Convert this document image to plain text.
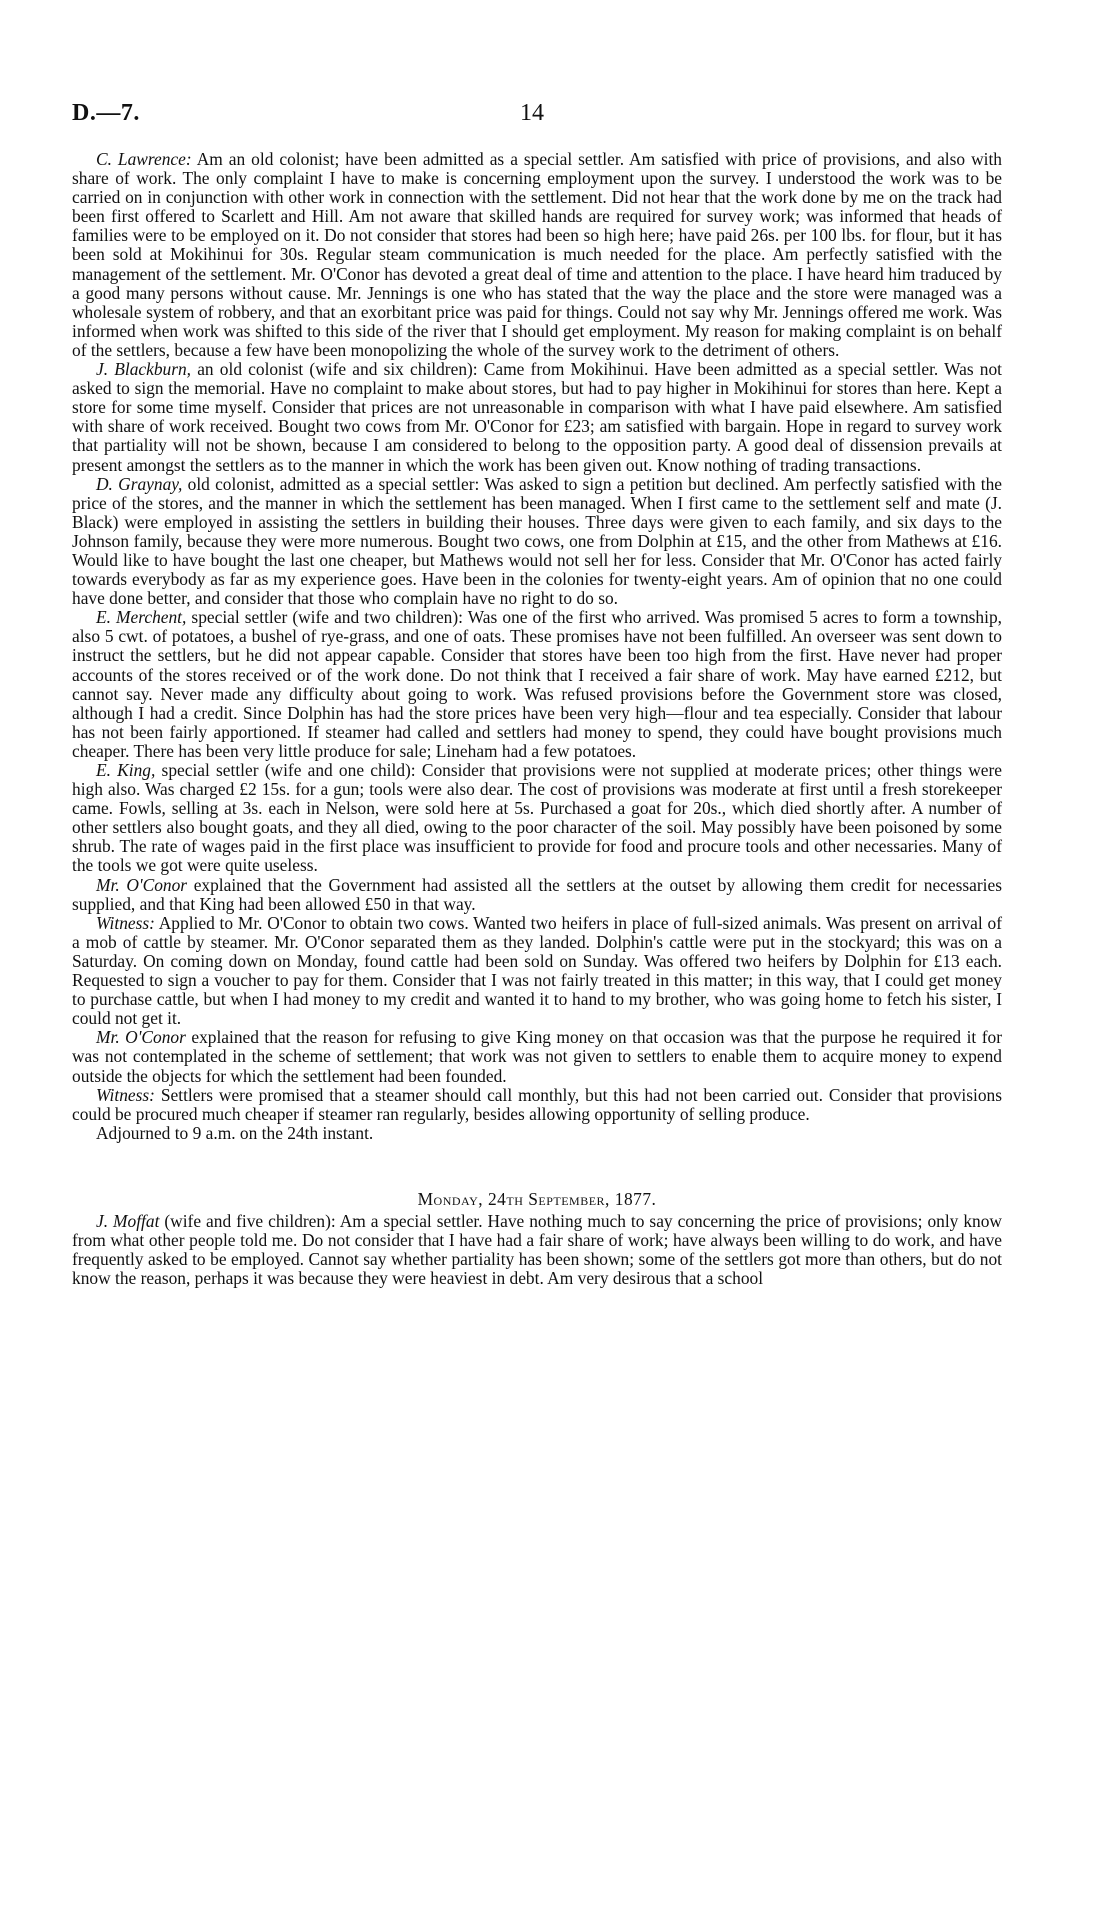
D.—7.	14

C. Lawrence: Am an old colonist; have been admitted as a special settler. Am satisfied with price of provisions, and also with share of work. The only complaint I have to make is concerning employment upon the survey. I understood the work was to be carried on in conjunction with other work in connection with the settlement. Did not hear that the work done by me on the track had been first offered to Scarlett and Hill. Am not aware that skilled hands are required for survey work; was informed that heads of families were to be employed on it. Do not consider that stores had been so high here; have paid 26s. per 100 lbs. for flour, but it has been sold at Mokihinui for 30s. Regular steam communication is much needed for the place. Am perfectly satisfied with the management of the settlement. Mr. O'Conor has devoted a great deal of time and attention to the place. I have heard him traduced by a good many persons without cause. Mr. Jennings is one who has stated that the way the place and the store were managed was a wholesale system of robbery, and that an exorbitant price was paid for things. Could not say why Mr. Jennings offered me work. Was informed when work was shifted to this side of the river that I should get employment. My reason for making complaint is on behalf of the settlers, because a few have been monopolizing the whole of the survey work to the detriment of others.

J. Blackburn, an old colonist (wife and six children): Came from Mokihinui. Have been admitted as a special settler. Was not asked to sign the memorial. Have no complaint to make about stores, but had to pay higher in Mokihinui for stores than here. Kept a store for some time myself. Consider that prices are not unreasonable in comparison with what I have paid elsewhere. Am satisfied with share of work received. Bought two cows from Mr. O'Conor for £23; am satisfied with bargain. Hope in regard to survey work that partiality will not be shown, because I am considered to belong to the opposition party. A good deal of dissension prevails at present amongst the settlers as to the manner in which the work has been given out. Know nothing of trading transactions.

D. Graynay, old colonist, admitted as a special settler: Was asked to sign a petition but declined. Am perfectly satisfied with the price of the stores, and the manner in which the settlement has been managed. When I first came to the settlement self and mate (J. Black) were employed in assisting the settlers in building their houses. Three days were given to each family, and six days to the Johnson family, because they were more numerous. Bought two cows, one from Dolphin at £15, and the other from Mathews at £16. Would like to have bought the last one cheaper, but Mathews would not sell her for less. Consider that Mr. O'Conor has acted fairly towards everybody as far as my experience goes. Have been in the colonies for twenty-eight years. Am of opinion that no one could have done better, and consider that those who complain have no right to do so.

E. Merchent, special settler (wife and two children): Was one of the first who arrived. Was promised 5 acres to form a township, also 5 cwt. of potatoes, a bushel of rye-grass, and one of oats. These promises have not been fulfilled. An overseer was sent down to instruct the settlers, but he did not appear capable. Consider that stores have been too high from the first. Have never had proper accounts of the stores received or of the work done. Do not think that I received a fair share of work. May have earned £212, but cannot say. Never made any difficulty about going to work. Was refused provisions before the Government store was closed, although I had a credit. Since Dolphin has had the store prices have been very high—flour and tea especially. Consider that labour has not been fairly apportioned. If steamer had called and settlers had money to spend, they could have bought provisions much cheaper. There has been very little produce for sale; Lineham had a few potatoes.

E. King, special settler (wife and one child): Consider that provisions were not supplied at moderate prices; other things were high also. Was charged £2 15s. for a gun; tools were also dear. The cost of provisions was moderate at first until a fresh storekeeper came. Fowls, selling at 3s. each in Nelson, were sold here at 5s. Purchased a goat for 20s., which died shortly after. A number of other settlers also bought goats, and they all died, owing to the poor character of the soil. May possibly have been poisoned by some shrub. The rate of wages paid in the first place was insufficient to provide for food and procure tools and other necessaries. Many of the tools we got were quite useless.

Mr. O'Conor explained that the Government had assisted all the settlers at the outset by allowing them credit for necessaries supplied, and that King had been allowed £50 in that way.

Witness: Applied to Mr. O'Conor to obtain two cows. Wanted two heifers in place of full-sized animals. Was present on arrival of a mob of cattle by steamer. Mr. O'Conor separated them as they landed. Dolphin's cattle were put in the stockyard; this was on a Saturday. On coming down on Monday, found cattle had been sold on Sunday. Was offered two heifers by Dolphin for £13 each. Requested to sign a voucher to pay for them. Consider that I was not fairly treated in this matter; in this way, that I could get money to purchase cattle, but when I had money to my credit and wanted it to hand to my brother, who was going home to fetch his sister, I could not get it.

Mr. O'Conor explained that the reason for refusing to give King money on that occasion was that the purpose he required it for was not contemplated in the scheme of settlement; that work was not given to settlers to enable them to acquire money to expend outside the objects for which the settlement had been founded.

Witness: Settlers were promised that a steamer should call monthly, but this had not been carried out. Consider that provisions could be procured much cheaper if steamer ran regularly, besides allowing opportunity of selling produce.

Adjourned to 9 a.m. on the 24th instant.

Monday, 24th September, 1877.

J. Moffat (wife and five children): Am a special settler. Have nothing much to say concerning the price of provisions; only know from what other people told me. Do not consider that I have had a fair share of work; have always been willing to do work, and have frequently asked to be employed. Cannot say whether partiality has been shown; some of the settlers got more than others, but do not know the reason, perhaps it was because they were heaviest in debt. Am very desirous that a school
